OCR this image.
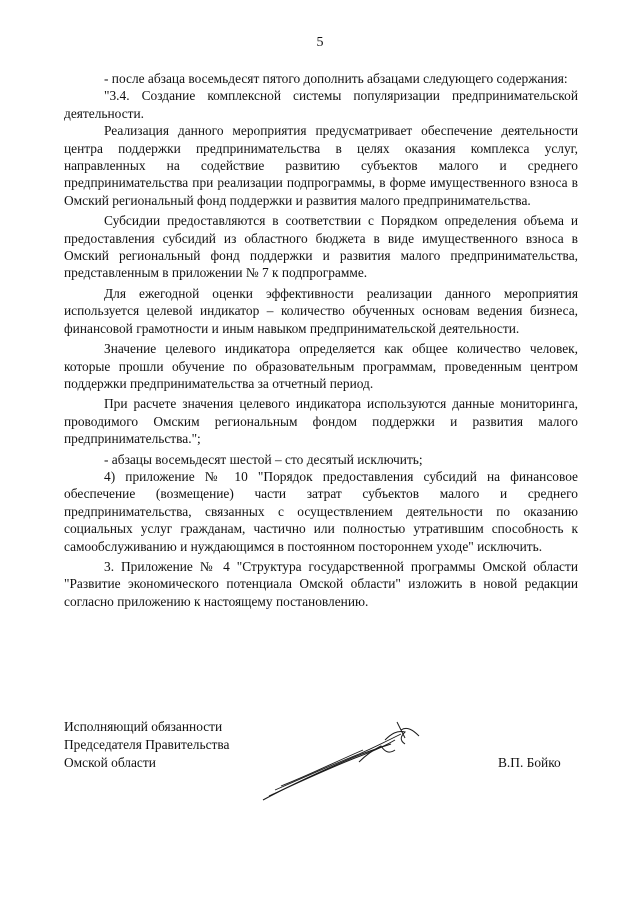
5

- после абзаца восемьдесят пятого дополнить абзацами следующего содержания:

"3.4. Создание комплексной системы популяризации предпринимательской деятельности.

Реализация данного мероприятия предусматривает обеспечение деятельности центра поддержки предпринимательства в целях оказания комплекса услуг, направленных на содействие развитию субъектов малого и среднего предпринимательства при реализации подпрограммы, в форме имущественного взноса в Омский региональный фонд поддержки и развития малого предпринимательства.

Субсидии предоставляются в соответствии с Порядком определения объема и предоставления субсидий из областного бюджета в виде имущественного взноса в Омский региональный фонд поддержки и развития малого предпринимательства, представленным в приложении № 7 к подпрограмме.

Для ежегодной оценки эффективности реализации данного мероприятия используется целевой индикатор – количество обученных основам ведения бизнеса, финансовой грамотности и иным навыком предпринимательской деятельности.

Значение целевого индикатора определяется как общее количество человек, которые прошли обучение по образовательным программам, проведенным центром поддержки предпринимательства за отчетный период.

При расчете значения целевого индикатора используются данные мониторинга, проводимого Омским региональным фондом поддержки и развития малого предпринимательства.";

- абзацы восемьдесят шестой – сто десятый исключить;

4) приложение № 10 "Порядок предоставления субсидий на финансовое обеспечение (возмещение) части затрат субъектов малого и среднего предпринимательства, связанных с осуществлением деятельности по оказанию социальных услуг гражданам, частично или полностью утратившим способность к самообслуживанию и нуждающимся в постоянном постороннем уходе" исключить.

3. Приложение № 4 "Структура государственной программы Омской области "Развитие экономического потенциала Омской области" изложить в новой редакции согласно приложению к настоящему постановлению.

Исполняющий обязанности
Председателя Правительства
Омской области	В.П. Бойко
